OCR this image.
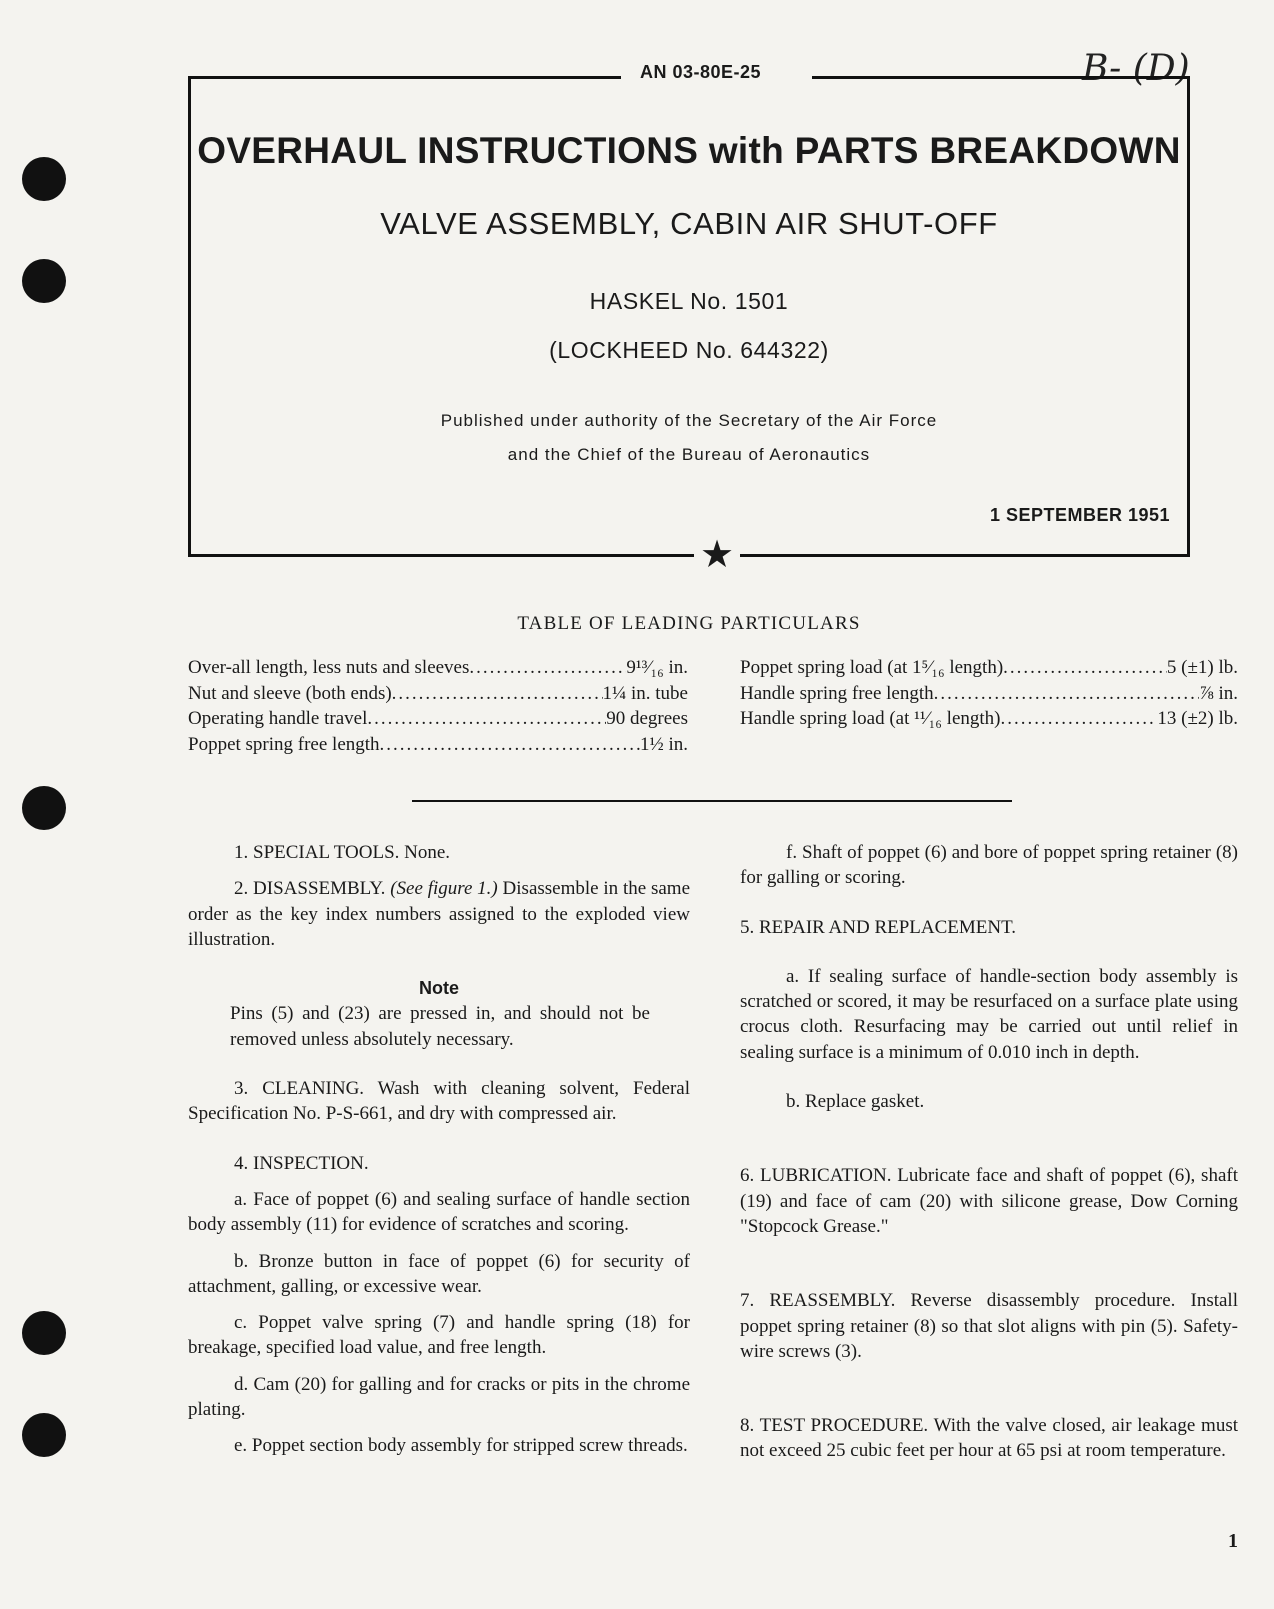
AN 03-80E-25	B- (D)
OVERHAUL INSTRUCTIONS with PARTS BREAKDOWN
VALVE ASSEMBLY, CABIN AIR SHUT-OFF
HASKEL No. 1501
(LOCKHEED No. 644322)
Published under authority of the Secretary of the Air Force
and the Chief of the Bureau of Aeronautics
1 SEPTEMBER 1951
★
TABLE OF LEADING PARTICULARS
Over-all length, less nuts and sleeves .....	9¹³⁄₁₆ in.
Nut and sleeve (both ends) .....	1¼ in. tube
Operating handle travel .....	90 degrees
Poppet spring free length .....	1½ in.
Poppet spring load (at 1⁵⁄₁₆ length) .....	5 (±1) lb.
Handle spring free length .....	⅞ in.
Handle spring load (at ¹¹⁄₁₆ length) .....	13 (±2) lb.

1. SPECIAL TOOLS. None.

2. DISASSEMBLY. (See figure 1.) Disassemble in the same order as the key index numbers assigned to the exploded view illustration.

Note

Pins (5) and (23) are pressed in, and should not be removed unless absolutely necessary.

3. CLEANING. Wash with cleaning solvent, Federal Specification No. P-S-661, and dry with compressed air.

4. INSPECTION.

a. Face of poppet (6) and sealing surface of handle section body assembly (11) for evidence of scratches and scoring.

b. Bronze button in face of poppet (6) for security of attachment, galling, or excessive wear.

c. Poppet valve spring (7) and handle spring (18) for breakage, specified load value, and free length.

d. Cam (20) for galling and for cracks or pits in the chrome plating.

e. Poppet section body assembly for stripped screw threads.

f. Shaft of poppet (6) and bore of poppet spring retainer (8) for galling or scoring.

5. REPAIR AND REPLACEMENT.

a. If sealing surface of handle-section body assembly is scratched or scored, it may be resurfaced on a surface plate using crocus cloth. Resurfacing may be carried out until relief in sealing surface is a minimum of 0.010 inch in depth.

b. Replace gasket.

6. LUBRICATION. Lubricate face and shaft of poppet (6), shaft (19) and face of cam (20) with silicone grease, Dow Corning "Stopcock Grease."

7. REASSEMBLY. Reverse disassembly procedure. Install poppet spring retainer (8) so that slot aligns with pin (5). Safety-wire screws (3).

8. TEST PROCEDURE. With the valve closed, air leakage must not exceed 25 cubic feet per hour at 65 psi at room temperature.

1
